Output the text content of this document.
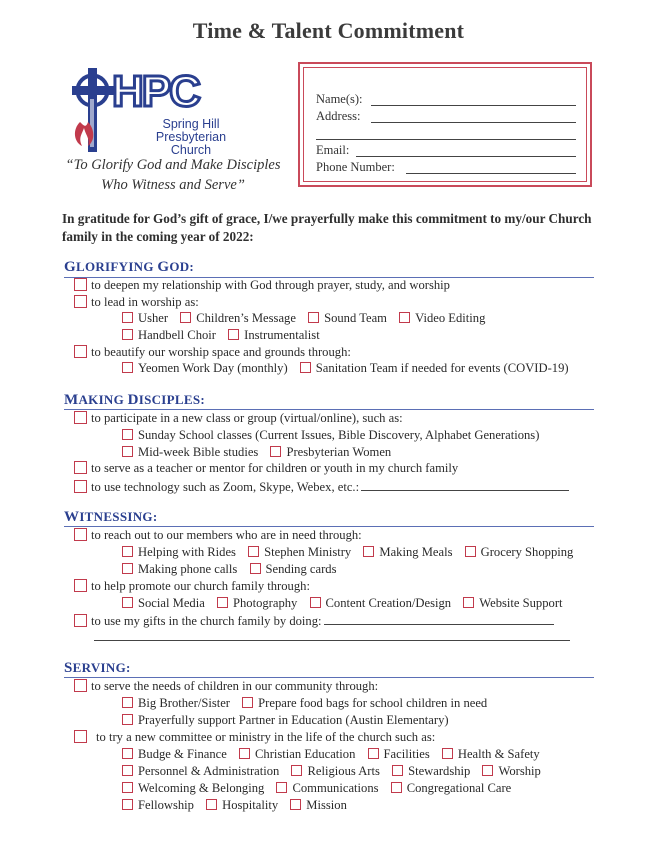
Time & Talent Commitment
HPC
Spring Hill
Presbyterian Church
“To Glorify God and Make Disciples
Who Witness and Serve”
Name(s):
Address:

Email:
Phone Number:
In gratitude for God’s gift of grace, I/we prayerfully make this commitment to my/our Church family in the coming year of 2022:
GLORIFYING GOD:
to deepen my relationship with God through prayer, study, and worship
to lead in worship as:
Usher Children’s Message Sound Team Video Editing
Handbell Choir Instrumentalist
to beautify our worship space and grounds through:
Yeomen Work Day (monthly) Sanitation Team if needed for events (COVID-19)
MAKING DISCIPLES:
to participate in a new class or group (virtual/online), such as:
Sunday School classes (Current Issues, Bible Discovery, Alphabet Generations)
Mid-week Bible studies Presbyterian Women
to serve as a teacher or mentor for children or youth in my church family
to use technology such as Zoom, Skype, Webex, etc.:
WITNESSING:
to reach out to our members who are in need through:
Helping with Rides Stephen Ministry Making Meals Grocery Shopping
Making phone calls Sending cards
to help promote our church family through:
Social Media Photography Content Creation/Design Website Support
to use my gifts in the church family by doing:
SERVING:
to serve the needs of children in our community through:
Big Brother/Sister Prepare food bags for school children in need
Prayerfully support Partner in Education (Austin Elementary)
to try a new committee or ministry in the life of the church such as:
Budge & Finance Christian Education Facilities Health & Safety
Personnel & Administration Religious Arts Stewardship Worship
Welcoming & Belonging Communications Congregational Care
Fellowship Hospitality Mission
